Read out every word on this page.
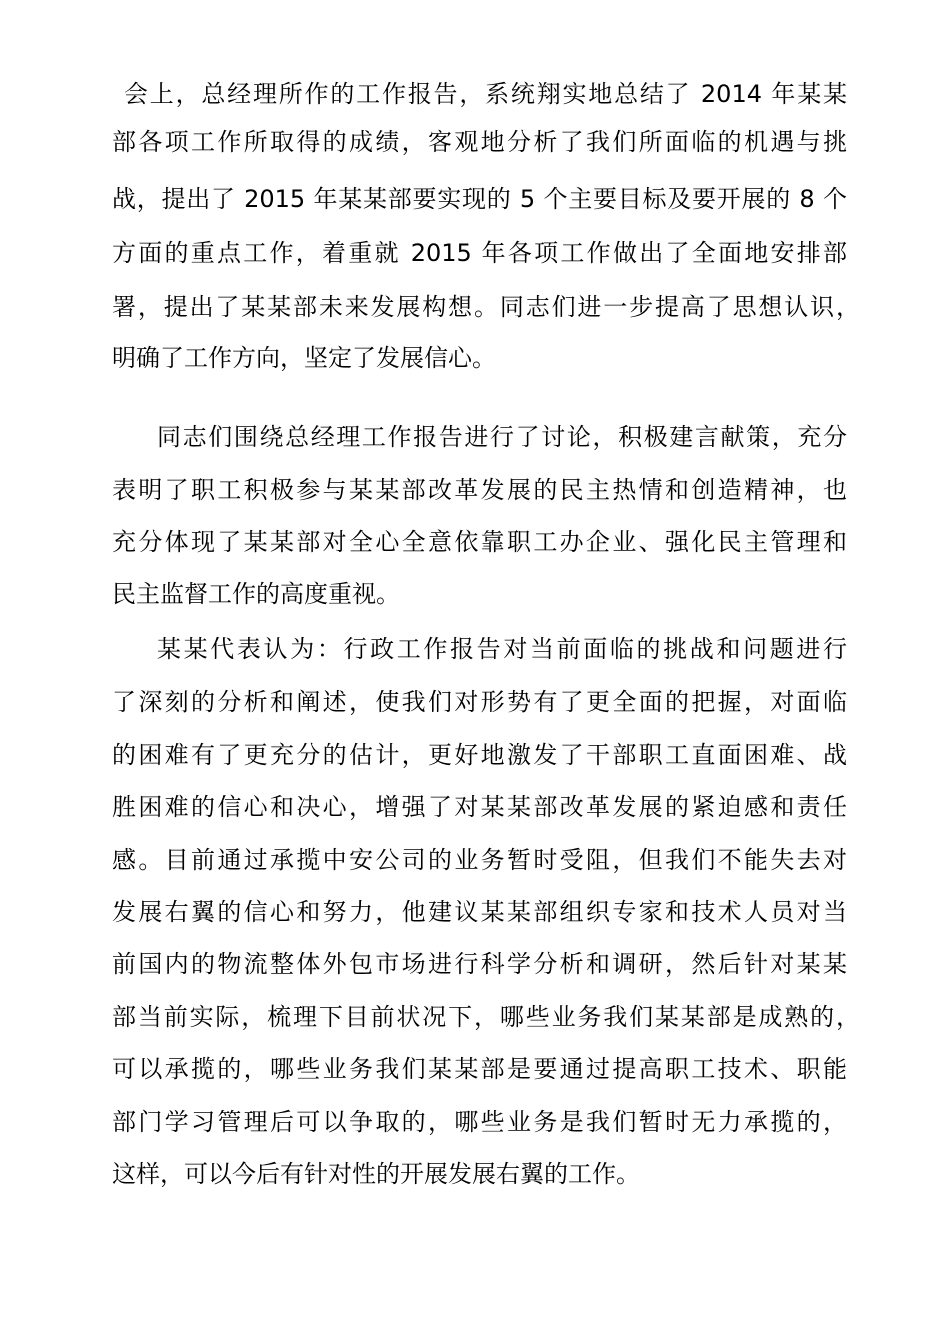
会上，总经理所作的工作报告，系统翔实地总结了 2014 年某某
部各项工作所取得的成绩，客观地分析了我们所面临的机遇与挑
战，提出了 2015 年某某部要实现的 5 个主要目标及要开展的 8 个
方面的重点工作，着重就 2015 年各项工作做出了全面地安排部
署，提出了某某部未来发展构想。同志们进一步提高了思想认识，
明确了工作方向，坚定了发展信心。
同志们围绕总经理工作报告进行了讨论，积极建言献策，充分
表明了职工积极参与某某部改革发展的民主热情和创造精神，也
充分体现了某某部对全心全意依靠职工办企业、强化民主管理和
民主监督工作的高度重视。
某某代表认为：行政工作报告对当前面临的挑战和问题进行
了深刻的分析和阐述，使我们对形势有了更全面的把握，对面临
的困难有了更充分的估计，更好地激发了干部职工直面困难、战
胜困难的信心和决心，增强了对某某部改革发展的紧迫感和责任
感。目前通过承揽中安公司的业务暂时受阻，但我们不能失去对
发展右翼的信心和努力，他建议某某部组织专家和技术人员对当
前国内的物流整体外包市场进行科学分析和调研，然后针对某某
部当前实际，梳理下目前状况下，哪些业务我们某某部是成熟的，
可以承揽的，哪些业务我们某某部是要通过提高职工技术、职能
部门学习管理后可以争取的，哪些业务是我们暂时无力承揽的，
这样，可以今后有针对性的开展发展右翼的工作。
